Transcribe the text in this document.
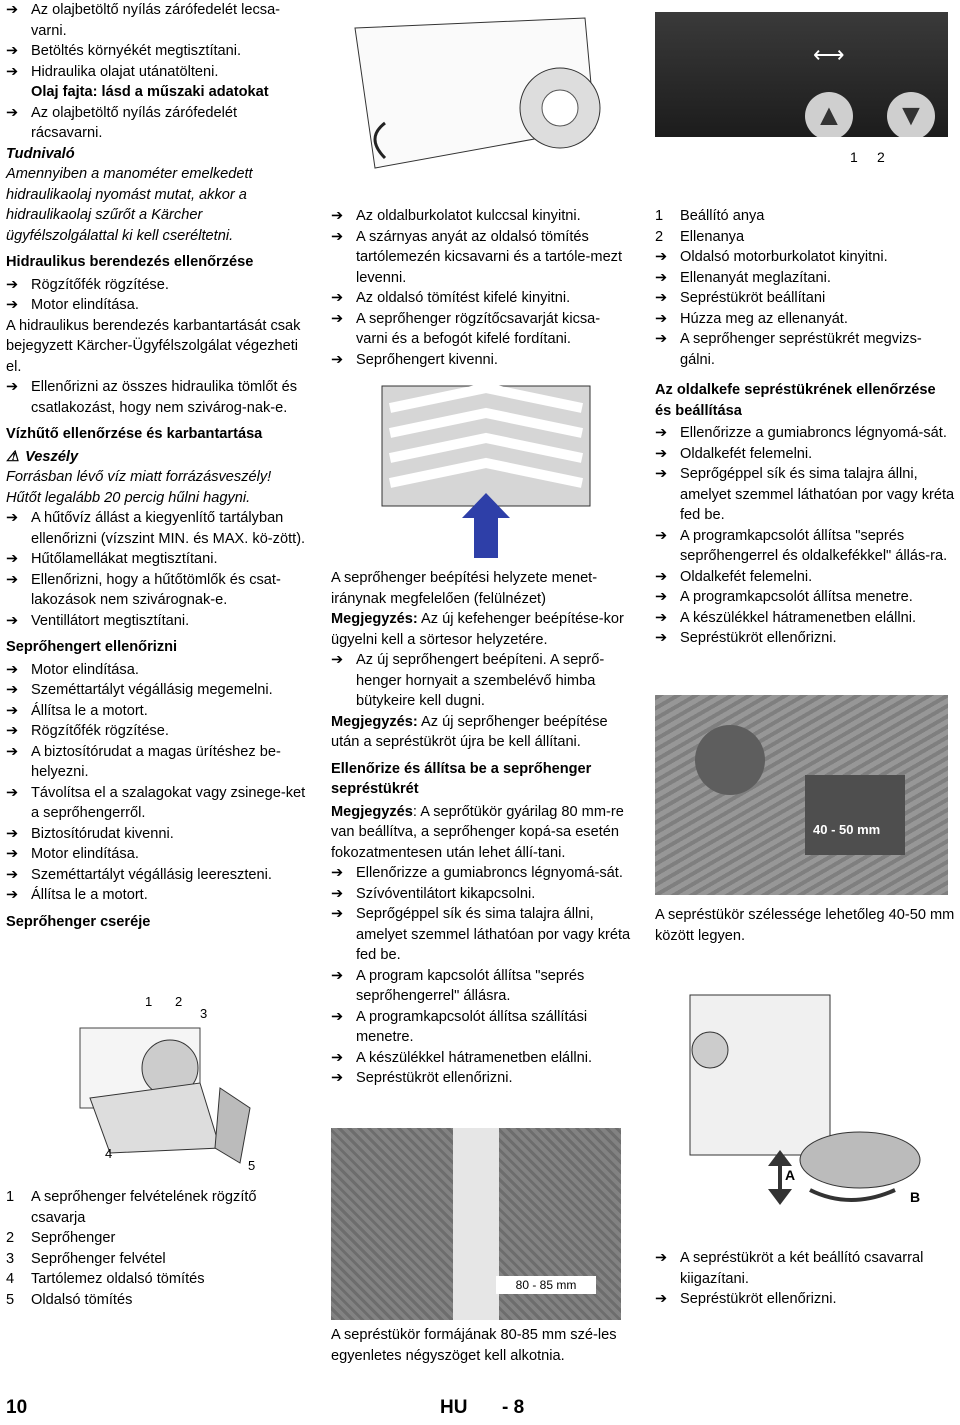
➔ Az olajbetöltő nyílás zárófedelét lecsa- varni.

➔ Betöltés környékét megtisztítani.

➔ Hidraulika olajat utánatölteni.

Olaj fajta: lásd a műszaki adatokat

➔ Az olajbetöltő nyílás zárófedelét rácsavarni.

Tudnivaló

Amennyiben a manométer emelkedett hidraulikaolaj nyomást mutat, akkor a hidraulikaolaj szűrőt a Kärcher ügyfélszolgálattal ki kell cseréltetni.

Hidraulikus berendezés ellenőrzése

➔ Rögzítőfék rögzítése.

➔ Motor elindítása.

A hidraulikus berendezés karbantartását csak bejegyzett Kärcher-Ügyfélszolgálat végezheti el.

➔ Ellenőrizni az összes hidraulika tömlőt és csatlakozást, hogy nem szivárog-nak-e.

Vízhűtő ellenőrzése és karbantartása

⚠ Veszély

Forrásban lévő víz miatt forrázásveszély!

Hűtőt legalább 20 percig hűlni hagyni.

➔ A hűtővíz állást a kiegyenlítő tartályban ellenőrizni (vízszint MIN. és MAX. kö-zött).

➔ Hűtőlamellákat megtisztítani.

➔ Ellenőrizni, hogy a hűtőtömlők és csat-lakozások nem szivárognak-e.

➔ Ventillátort megtisztítani.

Seprőhengert ellenőrizni

➔ Motor elindítása.

➔ Szeméttartályt végállásig megemelni.

➔ Állítsa le a motort.

➔ Rögzítőfék rögzítése.

➔ A biztosítórudat a magas ürítéshez be-helyezni.

➔ Távolítsa el a szalagokat vagy zsinege-ket a seprőhengerről.

➔ Biztosítórudat kivenni.

➔ Motor elindítása.

➔ Szeméttartályt végállásig leereszteni.

➔ Állítsa le a motort.

Seprőhenger cseréje

1 2
3
4
5

1 A seprőhenger felvételének rögzítő csavarja

2 Seprőhenger

3 Seprőhenger felvétel

4 Tartólemez oldalsó tömítés

5 Oldalsó tömítés

➔ Az oldalburkolatot kulccsal kinyitni.

➔ A szárnyas anyát az oldalsó tömítés tartólemezén kicsavarni és a tartóle-mezt levenni.

➔ Az oldalsó tömítést kifelé kinyitni.

➔ A seprőhenger rögzítőcsavarját kicsa-varni és a befogót kifelé fordítani.

➔ Seprőhengert kivenni.

A seprőhenger beépítési helyzete menet-iránynak megfelelően (felülnézet)

Megjegyzés: Az új kefehenger beépítése-kor ügyelni kell a sörtesor helyzetére.

➔ Az új seprőhengert beépíteni. A seprő-henger hornyait a szembelévő himba bütykeire kell dugni.

Megjegyzés: Az új seprőhenger beépítése után a sepréstükröt újra be kell állítani.

Ellenőrize és állítsa be a seprőhenger sepréstükrét

Megjegyzés: A seprőtükör gyárilag 80 mm-re van beállítva, a seprőhenger kopá-sa esetén fokozatmentesen után lehet állí-tani.

➔ Ellenőrizze a gumiabroncs légnyomá-sát.

➔ Szívóventilátort kikapcsolni.

➔ Seprőgéppel sík és sima talajra állni, amelyet szemmel láthatóan por vagy kréta fed be.

➔ A program kapcsolót állítsa "seprés seprőhengerrel" állásra.

➔ A programkapcsolót állítsa szállítási menetre.

➔ A készülékkel hátramenetben elállni.

➔ Sepréstükröt ellenőrizni.

80 - 85 mm

A sepréstükör formájának 80-85 mm szé-les egyenletes négyszöget kell alkotnia.

⟷
▲	▼
1 2

1 Beállító anya

2 Ellenanya

➔ Oldalsó motorburkolatot kinyitni.

➔ Ellenanyát meglazítani.

➔ Sepréstükröt beállítani

➔ Húzza meg az ellenanyát.

➔ A seprőhenger sepréstükrét megvizs-gálni.

Az oldalkefe sepréstükrének ellenőrzése és beállítása

➔ Ellenőrizze a gumiabroncs légnyomá-sát.

➔ Oldalkefét felemelni.

➔ Seprőgéppel sík és sima talajra állni, amelyet szemmel láthatóan por vagy kréta fed be.

➔ A programkapcsolót állítsa "seprés seprőhengerrel és oldalkefékkel" állás-ra.

➔ Oldalkefét felemelni.

➔ A programkapcsolót állítsa menetre.

➔ A készülékkel hátramenetben elállni.

➔ Sepréstükröt ellenőrizni.

40 - 50 mm

A sepréstükör szélessége lehetőleg 40-50 mm között legyen.

A
B

➔ A sepréstükröt a két beállító csavarral kiigazítani.

➔ Sepréstükröt ellenőrizni.

10	HU - 8
